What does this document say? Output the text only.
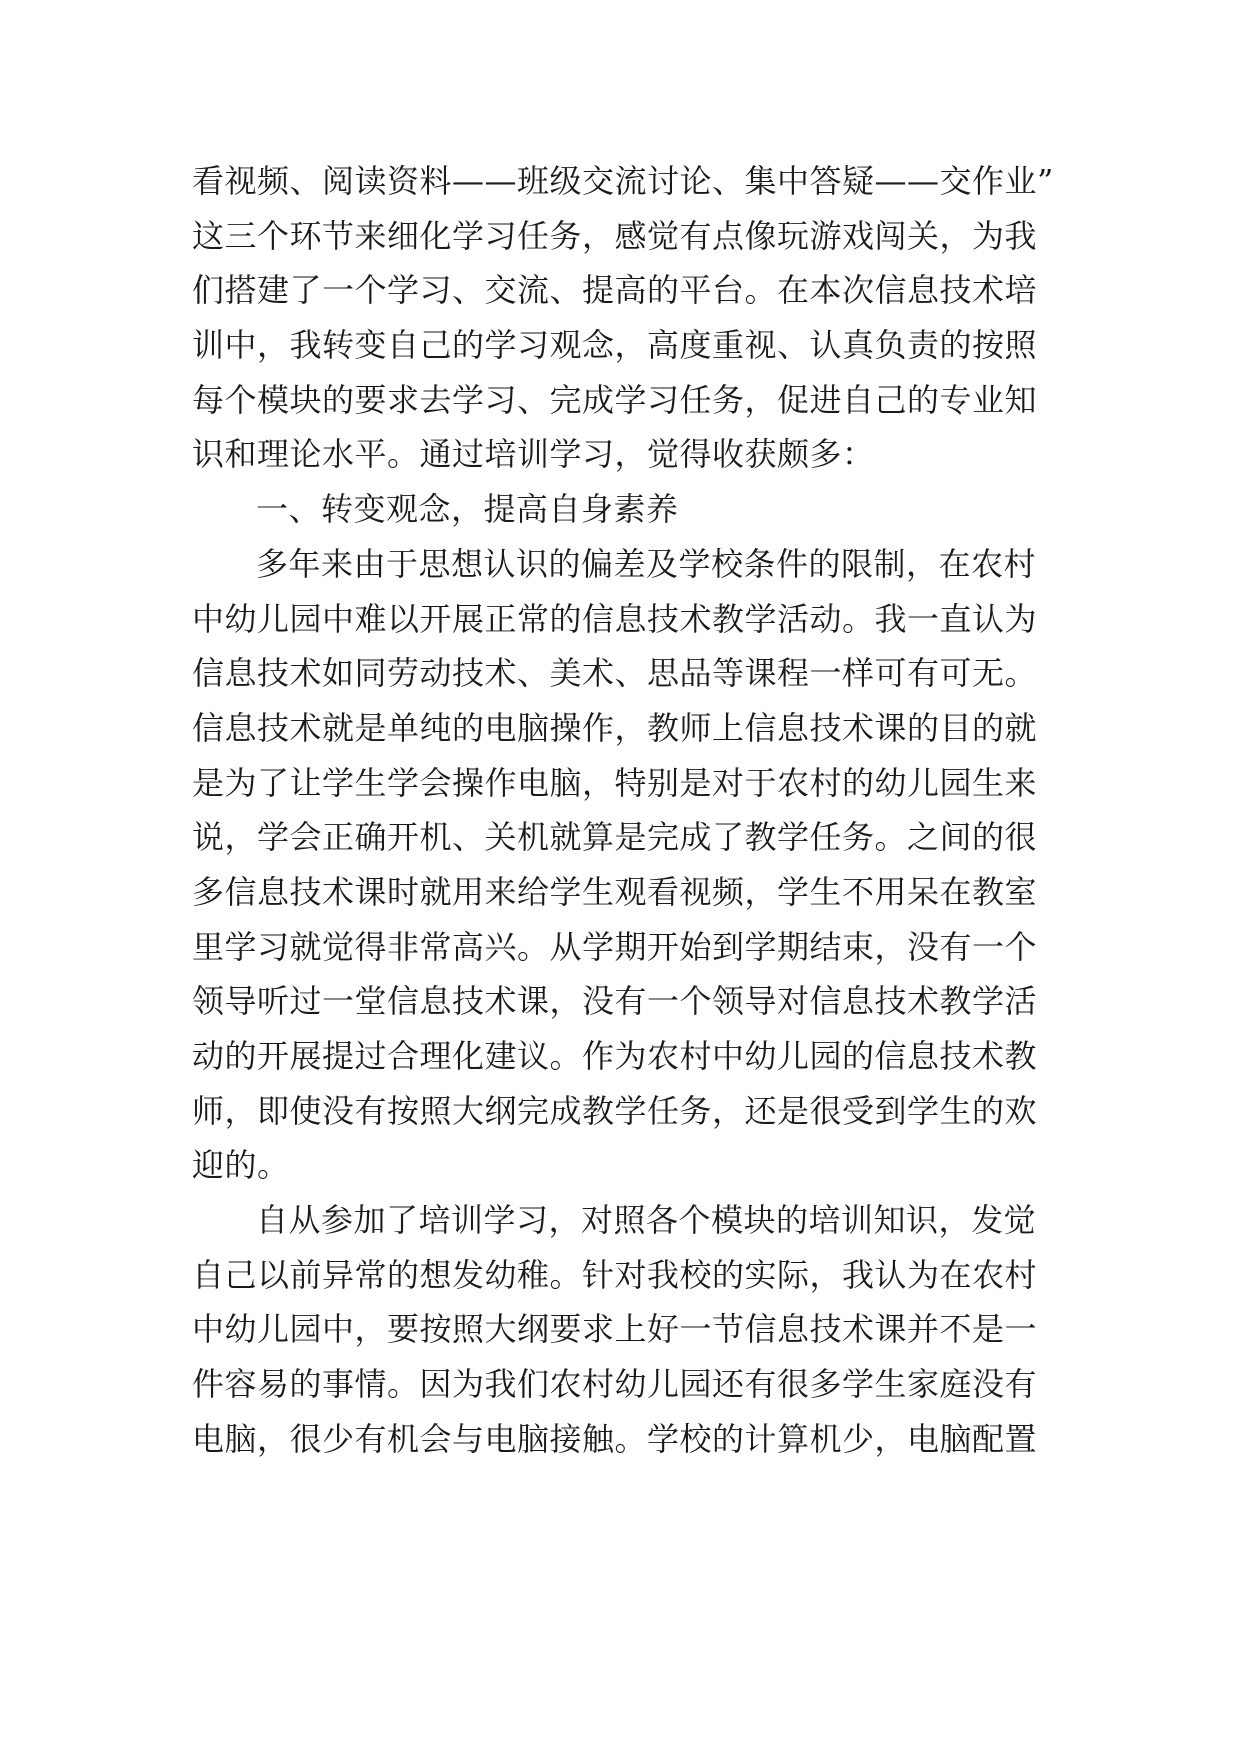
看视频、阅读资料——班级交流讨论、集中答疑——交作业”
这三个环节来细化学习任务，感觉有点像玩游戏闯关，为我
们搭建了一个学习、交流、提高的平台。在本次信息技术培
训中，我转变自己的学习观念，高度重视、认真负责的按照
每个模块的要求去学习、完成学习任务，促进自己的专业知
识和理论水平。通过培训学习，觉得收获颇多：
一、转变观念，提高自身素养
多年来由于思想认识的偏差及学校条件的限制，在农村
中幼儿园中难以开展正常的信息技术教学活动。我一直认为
信息技术如同劳动技术、美术、思品等课程一样可有可无。
信息技术就是单纯的电脑操作，教师上信息技术课的目的就
是为了让学生学会操作电脑，特别是对于农村的幼儿园生来
说，学会正确开机、关机就算是完成了教学任务。之间的很
多信息技术课时就用来给学生观看视频，学生不用呆在教室
里学习就觉得非常高兴。从学期开始到学期结束，没有一个
领导听过一堂信息技术课，没有一个领导对信息技术教学活
动的开展提过合理化建议。作为农村中幼儿园的信息技术教
师，即使没有按照大纲完成教学任务，还是很受到学生的欢
迎的。
自从参加了培训学习，对照各个模块的培训知识，发觉
自己以前异常的想发幼稚。针对我校的实际，我认为在农村
中幼儿园中，要按照大纲要求上好一节信息技术课并不是一
件容易的事情。因为我们农村幼儿园还有很多学生家庭没有
电脑，很少有机会与电脑接触。学校的计算机少，电脑配置
